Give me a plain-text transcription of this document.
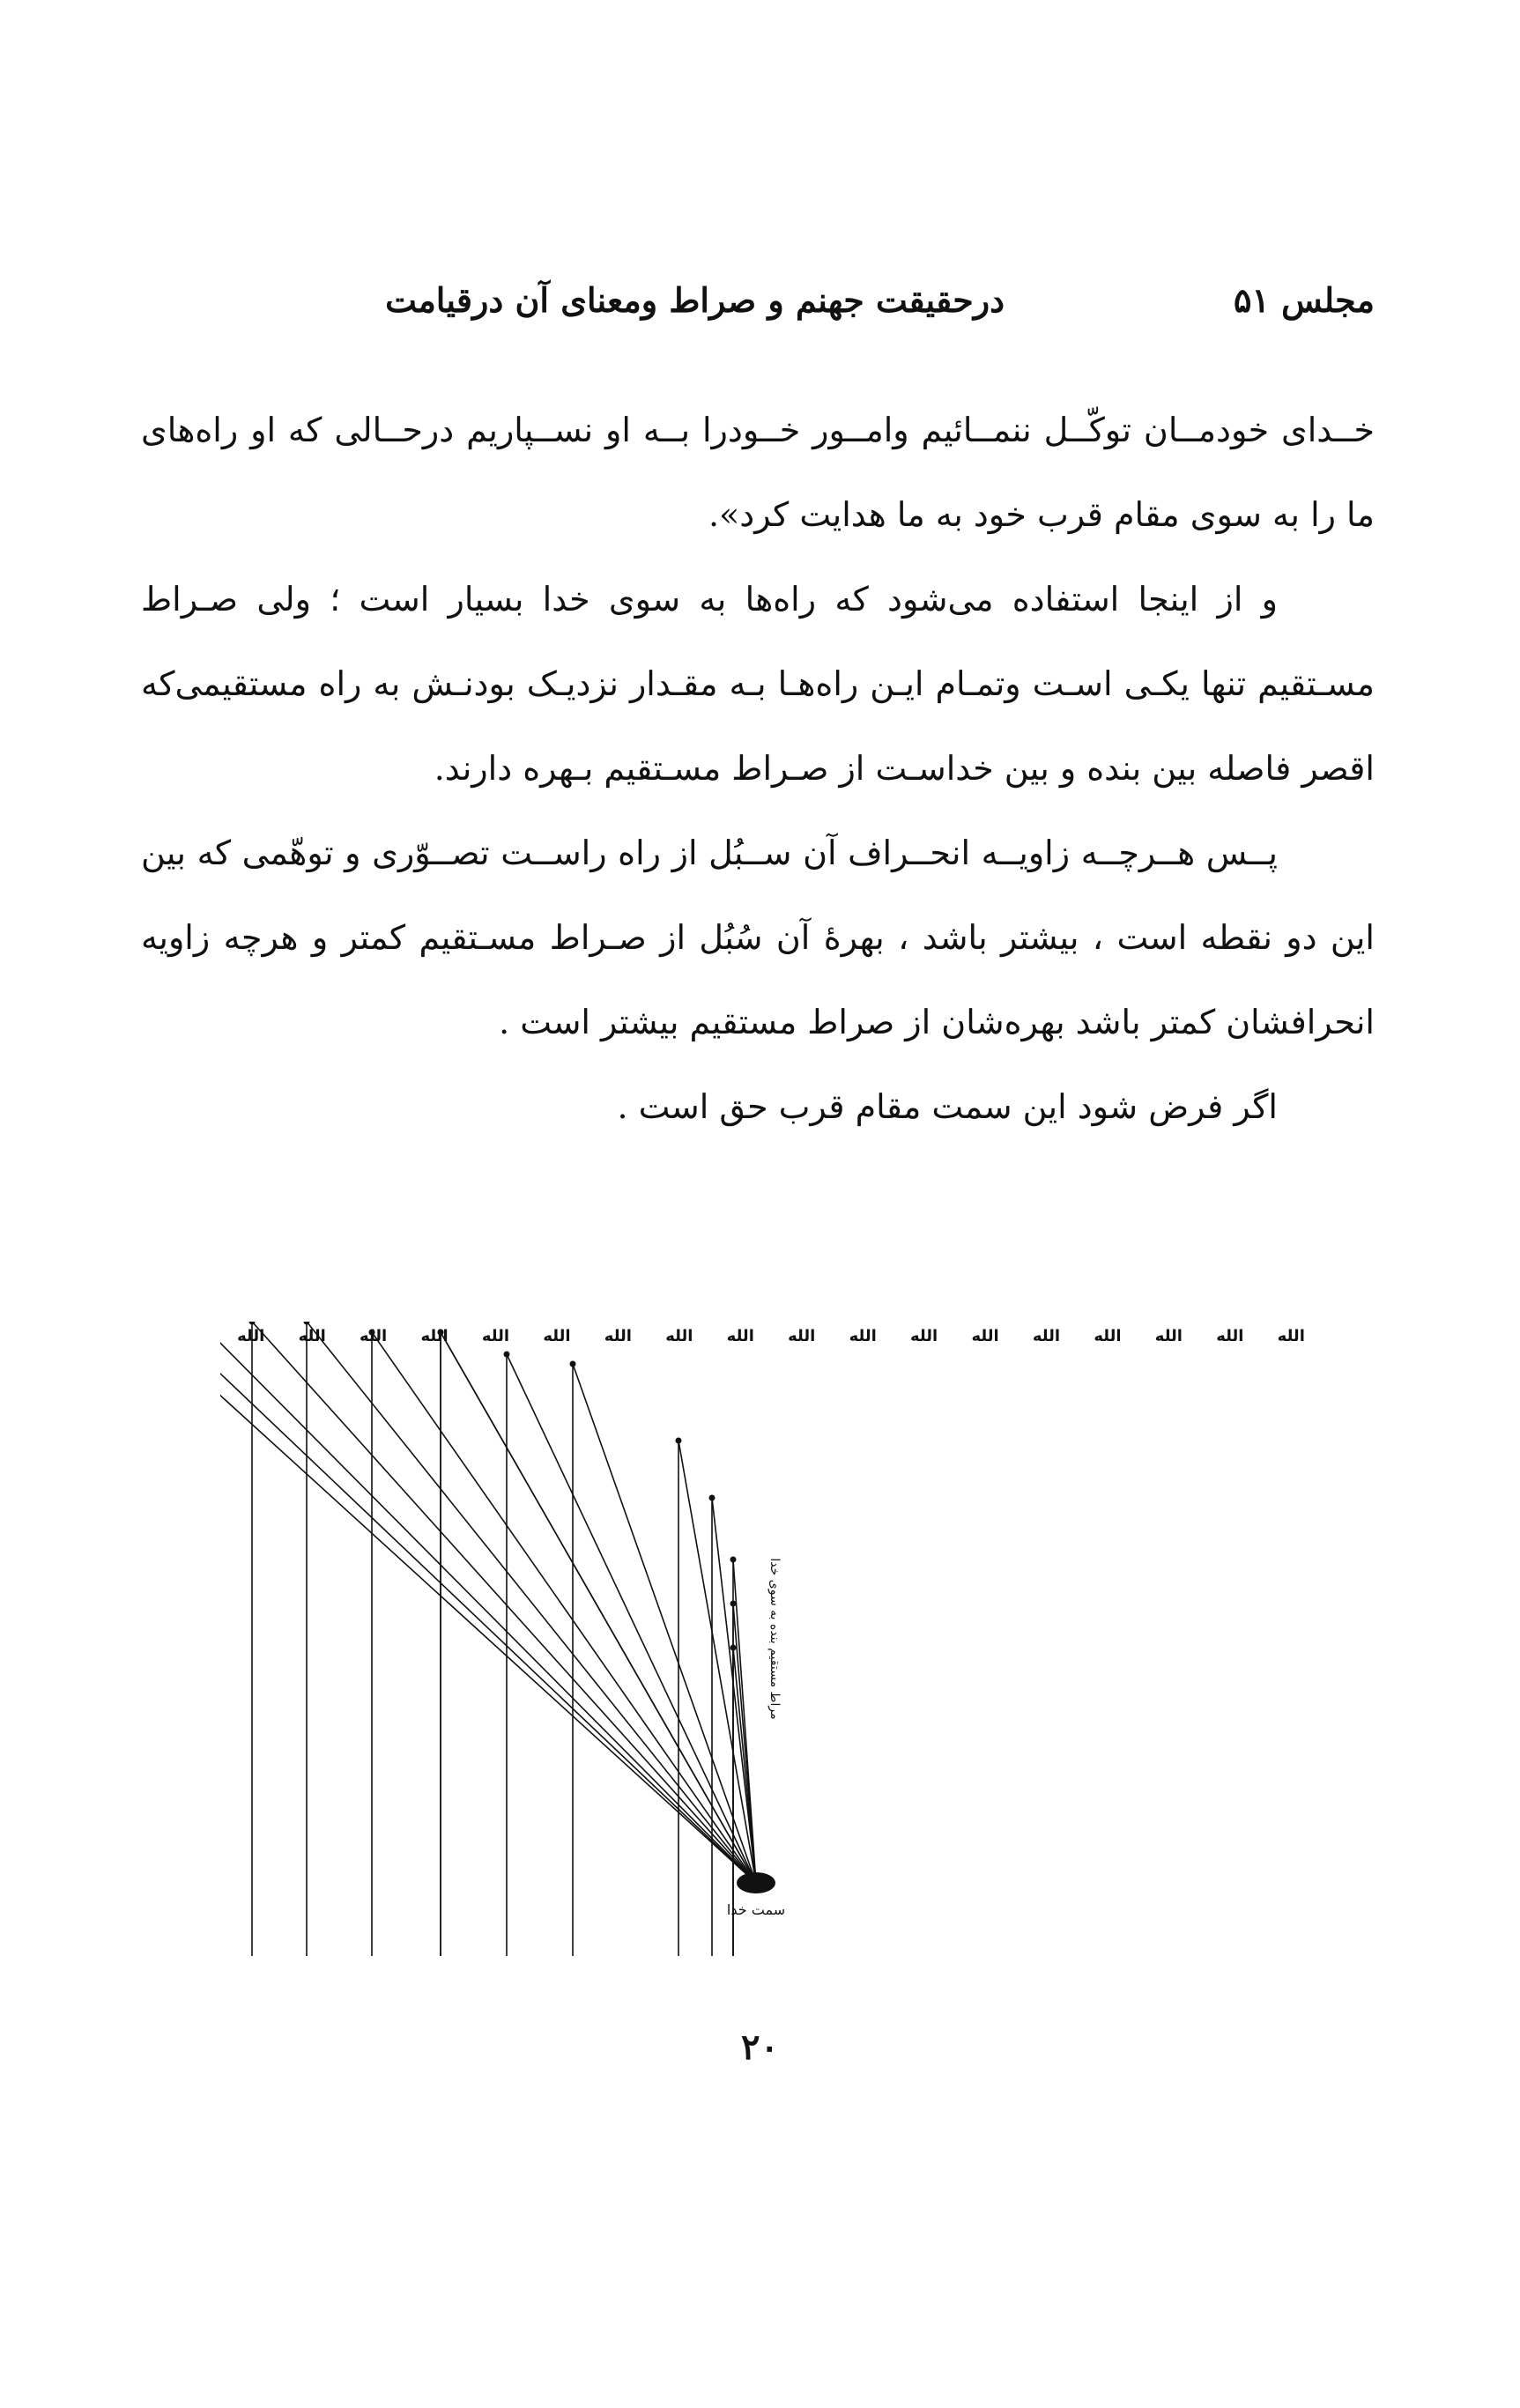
مجلس ۵۱
درحقیقت جهنم و صراط ومعنای آن درقیامت

خــدای خودمــان توکّــل ننمــائیم وامــور خــودرا بــه او نســپاریم درحــالی که او راه‌های ما را به سوی مقام قرب خود به ما هدایت کرد».

و از اینجا استفاده می‌شود که راه‌ها به سوی خدا بسیار است ؛ ولی صـراط مسـتقیم تنها یکـی اسـت وتمـام ایـن راه‌هـا بـه مقـدار نزدیـک بودنـش به راه مستقیمی‌که اقصر فاصله بین بنده و بین خداسـت از صـراط مسـتقیم بـهره دارند.

پــس هــرچــه زاویــه انحــراف آن ســبُل از راه راســت تصــوّری و توهّمی که بین این دو نقطه است ، بیشتر باشد ، بهرهٔ آن سُبُل از صـراط مسـتقیم کمتر و هرچه زاویه انحرافشان کمتر باشد بهره‌شان از صراط مستقیم بیشتر است .

اگر فرض شود این سمت مقام قرب حق است .

الله الله الله الله الله الله الله الله الله الله الله الله الله الله الله الله الله الله
سمت خدا
مراط مستقیم بنده به سوی خدا
۲۰
